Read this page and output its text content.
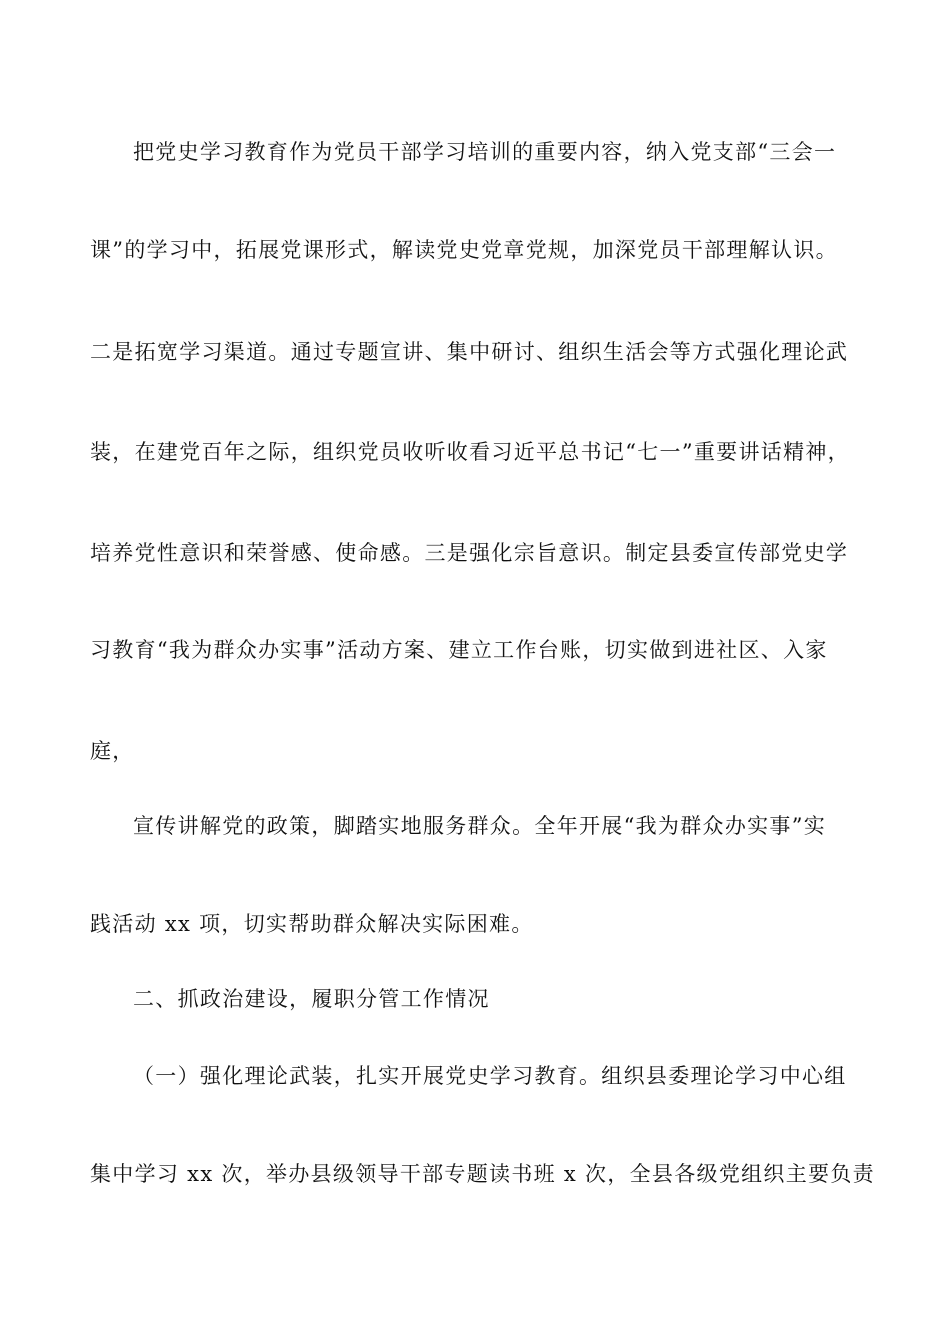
把党史学习教育作为党员干部学习培训的重要内容，纳入党支部“三会一
课”的学习中，拓展党课形式，解读党史党章党规，加深党员干部理解认识。
二是拓宽学习渠道。通过专题宣讲、集中研讨、组织生活会等方式强化理论武
装，在建党百年之际，组织党员收听收看习近平总书记“七一”重要讲话精神，
培养党性意识和荣誉感、使命感。三是强化宗旨意识。制定县委宣传部党史学
习教育“我为群众办实事”活动方案、建立工作台账，切实做到进社区、入家
庭，
宣传讲解党的政策，脚踏实地服务群众。全年开展“我为群众办实事”实
践活动 xx 项，切实帮助群众解决实际困难。
二、抓政治建设，履职分管工作情况
（一）强化理论武装，扎实开展党史学习教育。组织县委理论学习中心组
集中学习 xx 次，举办县级领导干部专题读书班 x 次，全县各级党组织主要负责
